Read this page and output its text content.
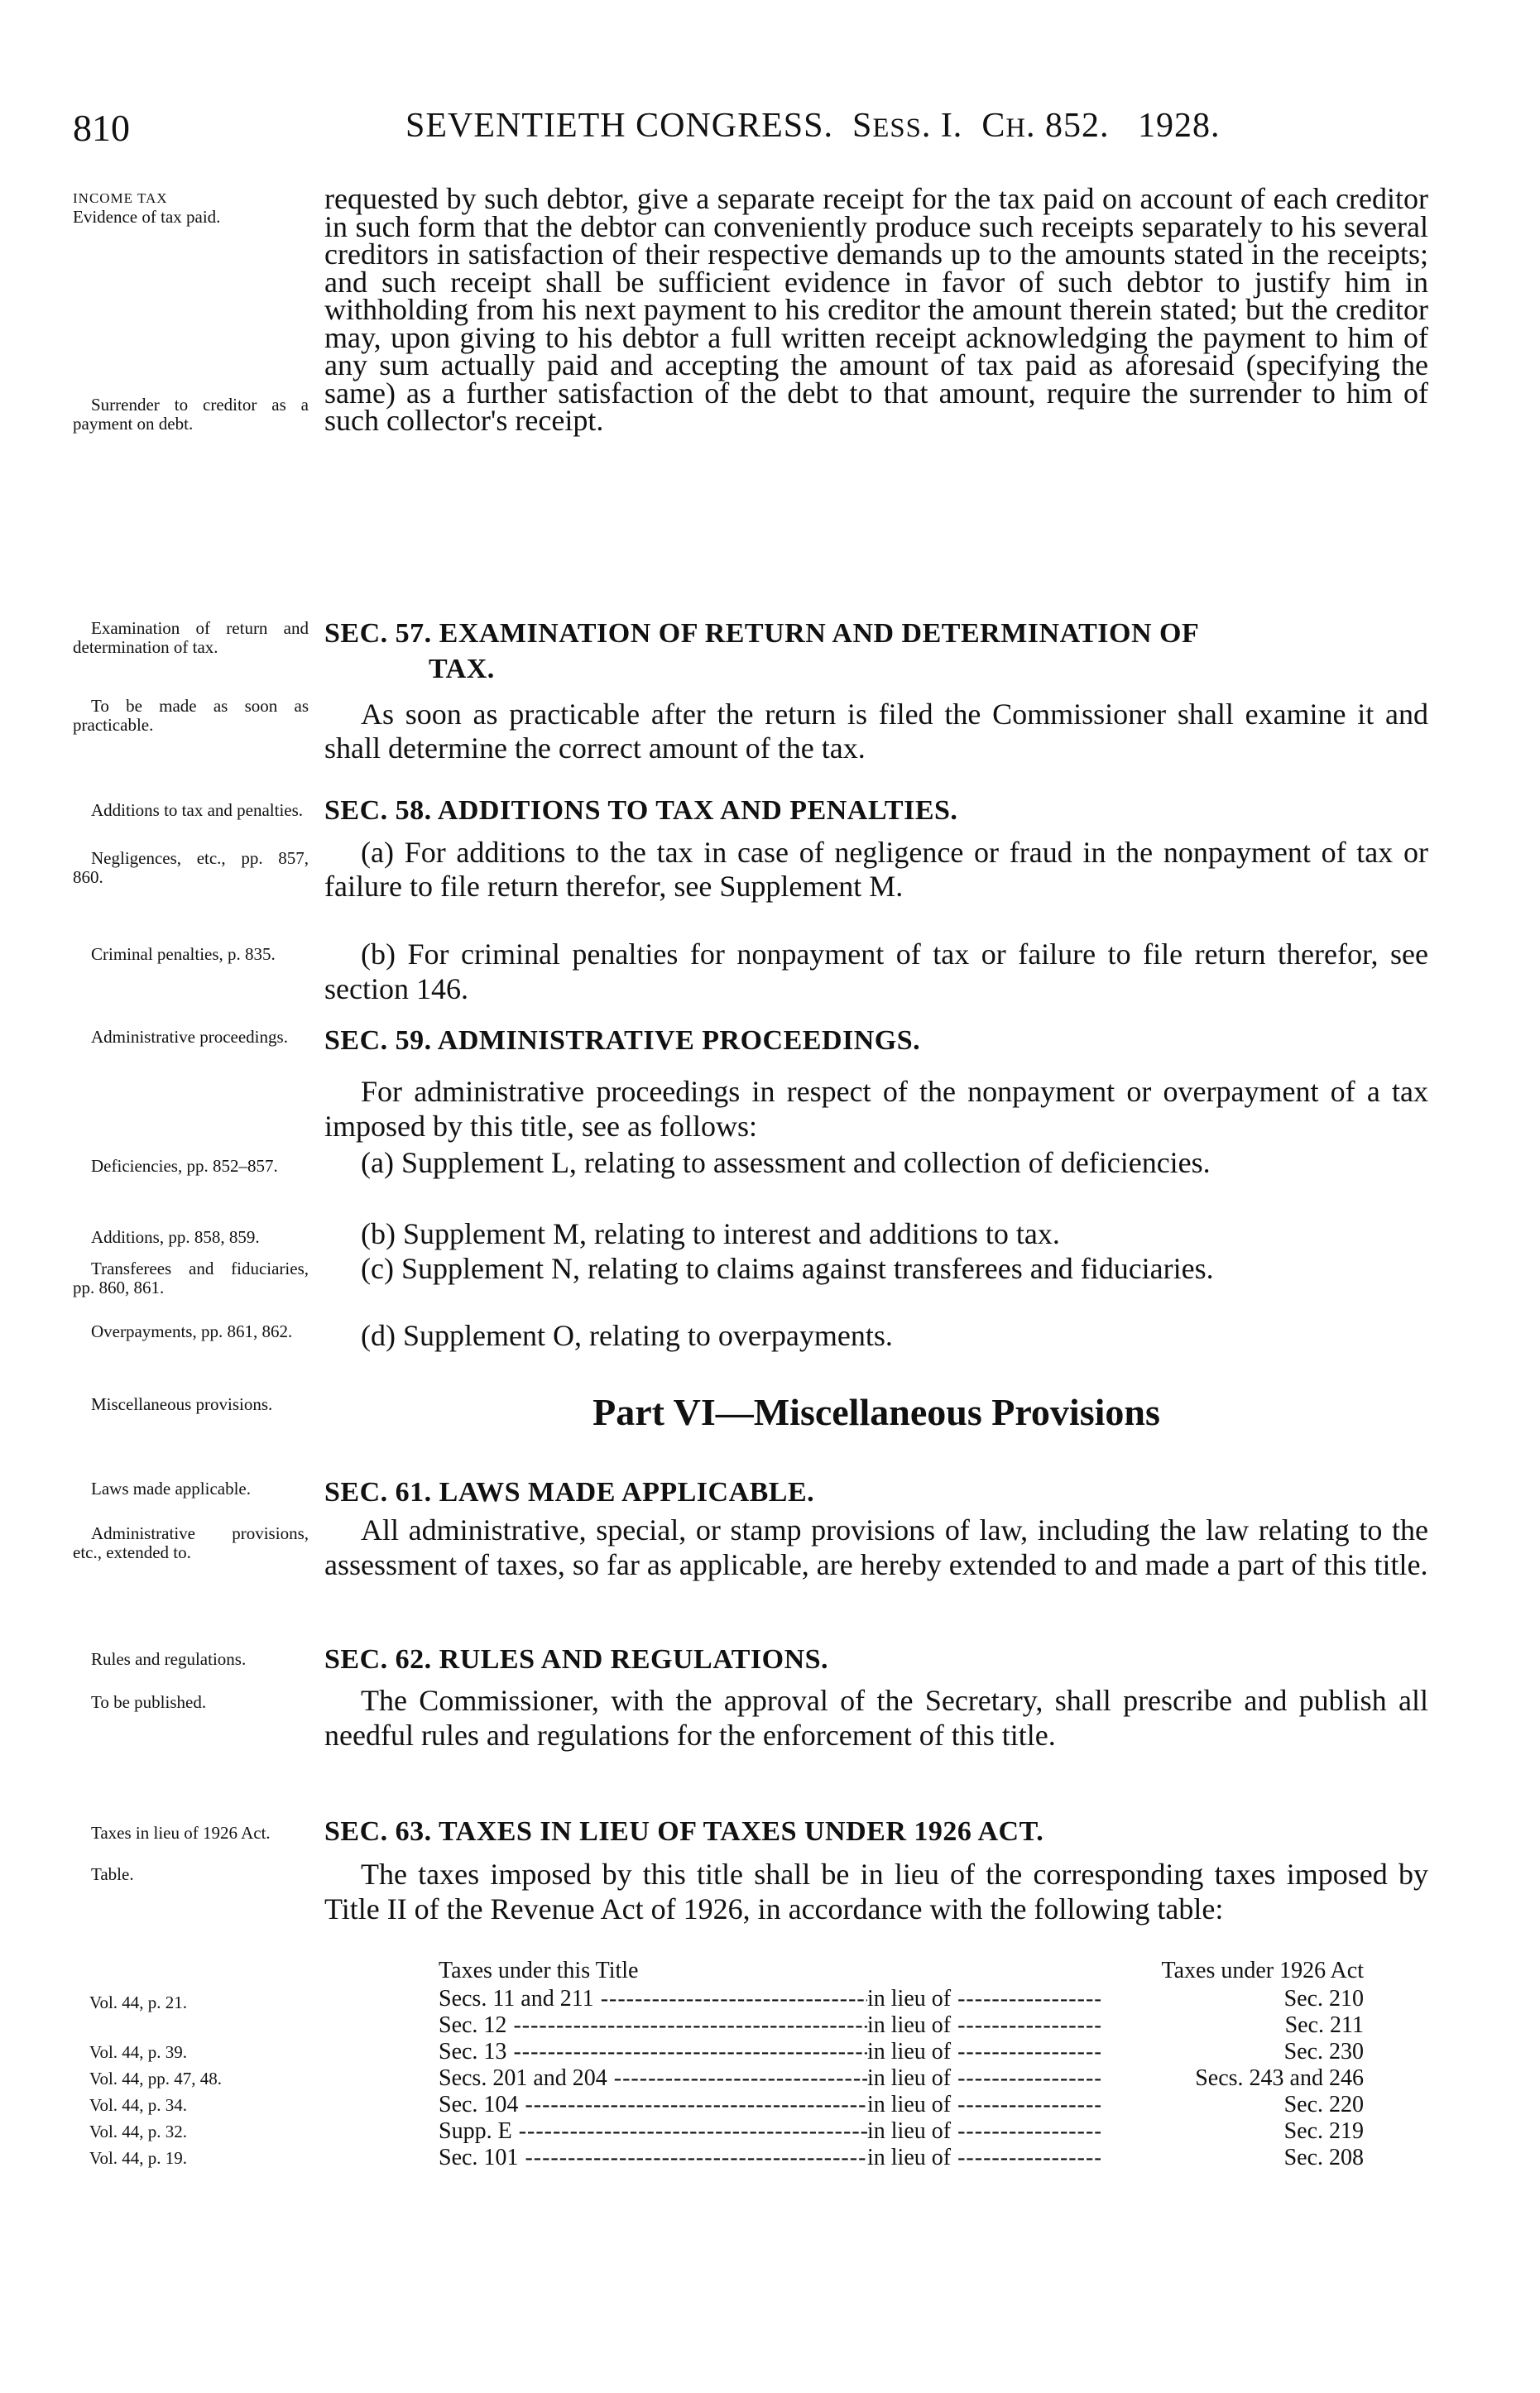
810	SEVENTIETH CONGRESS. SESS. I. CH. 852. 1928.
INCOME TAX
Evidence of tax paid.
Surrender to creditor as a payment on debt.
Examination of return and determination of tax.
To be made as soon as practicable.
Additions to tax and penalties.
Negligences, etc., pp. 857, 860.
Criminal penalties, p. 835.
Administrative proceedings.
Deficiencies, pp. 852–857.
Additions, pp. 858, 859.
Transferees and fiduciaries, pp. 860, 861.
Overpayments, pp. 861, 862.
Miscellaneous provisions.
Laws made applicable.
Administrative provisions, etc., extended to.
Rules and regulations.
To be published.
Taxes in lieu of 1926 Act.
Table.
requested by such debtor, give a separate receipt for the tax paid on account of each creditor in such form that the debtor can conveniently produce such receipts separately to his several creditors in satisfaction of their respective demands up to the amounts stated in the receipts; and such receipt shall be sufficient evidence in favor of such debtor to justify him in withholding from his next payment to his creditor the amount therein stated; but the creditor may, upon giving to his debtor a full written receipt acknowledging the payment to him of any sum actually paid and accepting the amount of tax paid as aforesaid (specifying the same) as a further satisfaction of the debt to that amount, require the surrender to him of such collector's receipt.
SEC. 57. EXAMINATION OF RETURN AND DETERMINATION OF
TAX.
As soon as practicable after the return is filed the Commissioner shall examine it and shall determine the correct amount of the tax.
SEC. 58. ADDITIONS TO TAX AND PENALTIES.
(a) For additions to the tax in case of negligence or fraud in the nonpayment of tax or failure to file return therefor, see Supplement M.
(b) For criminal penalties for nonpayment of tax or failure to file return therefor, see section 146.
SEC. 59. ADMINISTRATIVE PROCEEDINGS.
For administrative proceedings in respect of the nonpayment or overpayment of a tax imposed by this title, see as follows:
(a) Supplement L, relating to assessment and collection of deficiencies.
(b) Supplement M, relating to interest and additions to tax.
(c) Supplement N, relating to claims against transferees and fiduciaries.
(d) Supplement O, relating to overpayments.
Part VI—Miscellaneous Provisions
SEC. 61. LAWS MADE APPLICABLE.
All administrative, special, or stamp provisions of law, including the law relating to the assessment of taxes, so far as applicable, are hereby extended to and made a part of this title.
SEC. 62. RULES AND REGULATIONS.
The Commissioner, with the approval of the Secretary, shall prescribe and publish all needful rules and regulations for the enforcement of this title.
SEC. 63. TAXES IN LIEU OF TAXES UNDER 1926 ACT.
The taxes imposed by this title shall be in lieu of the corresponding taxes imposed by Title II of the Revenue Act of 1926, in accordance with the following table:
Taxes under this Title	Taxes under 1926 Act
Secs. 11 and 211 -----	in lieu of -----	Sec. 210
Sec. 12 -----	in lieu of -----	Sec. 211
Sec. 13 -----	in lieu of -----	Sec. 230
Secs. 201 and 204 -----	in lieu of -----	Secs. 243 and 246
Sec. 104 -----	in lieu of -----	Sec. 220
Supp. E -----	in lieu of -----	Sec. 219
Sec. 101 -----	in lieu of -----	Sec. 208
Vol. 44, p. 21.
Vol. 44, p. 39.
Vol. 44, pp. 47, 48.
Vol. 44, p. 34.
Vol. 44, p. 32.
Vol. 44, p. 19.
